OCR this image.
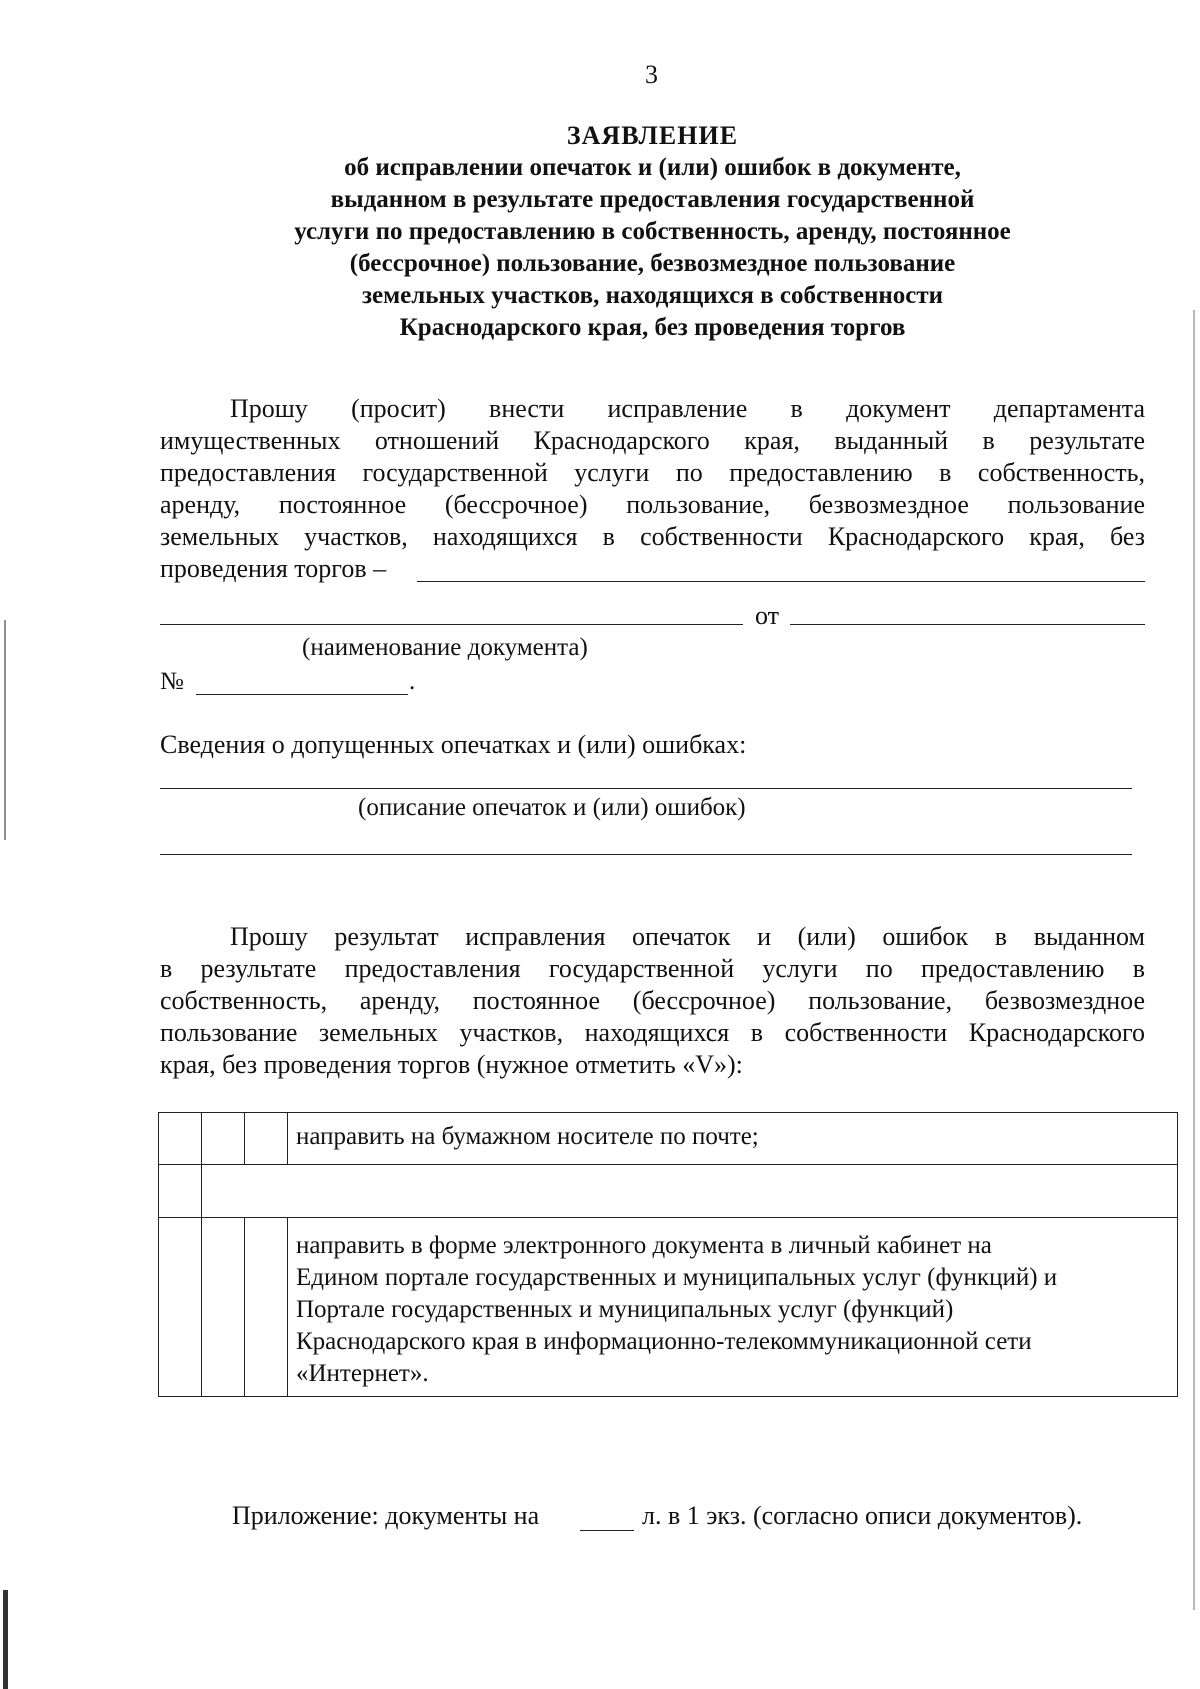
3
ЗАЯВЛЕНИЕ
об исправлении опечаток и (или) ошибок в документе,
выданном в результате предоставления государственной
услуги по предоставлению в собственность, аренду, постоянное
(бессрочное) пользование, безвозмездное пользование
земельных участков, находящихся в собственности
Краснодарского края, без проведения торгов
Прошу (просит) внести исправление в документ департамента
имущественных отношений Краснодарского края, выданный в результате
предоставления государственной услуги по предоставлению в собственность,
аренду, постоянное (бессрочное) пользование, безвозмездное пользование
земельных участков, находящихся в собственности Краснодарского края, без
проведения торгов –
от
(наименование документа)
№	.
Сведения о допущенных опечатках и (или) ошибках:
(описание опечаток и (или) ошибок)
Прошу результат исправления опечаток и (или) ошибок в выданном
в результате предоставления государственной услуги по предоставлению в
собственность, аренду, постоянное (бессрочное) пользование, безвозмездное
пользование земельных участков, находящихся в собственности Краснодарского
края, без проведения торгов (нужное отметить «V»):

			направить на бумажном носителе по почте;

			направить в форме электронного документа в личный кабинет на
Едином портале государственных и муниципальных услуг (функций) и
Портале государственных и муниципальных услуг (функций)
Краснодарского края в информационно-телекоммуникационной сети
«Интернет».
Приложение: документы на	л. в 1 экз. (согласно описи документов).
